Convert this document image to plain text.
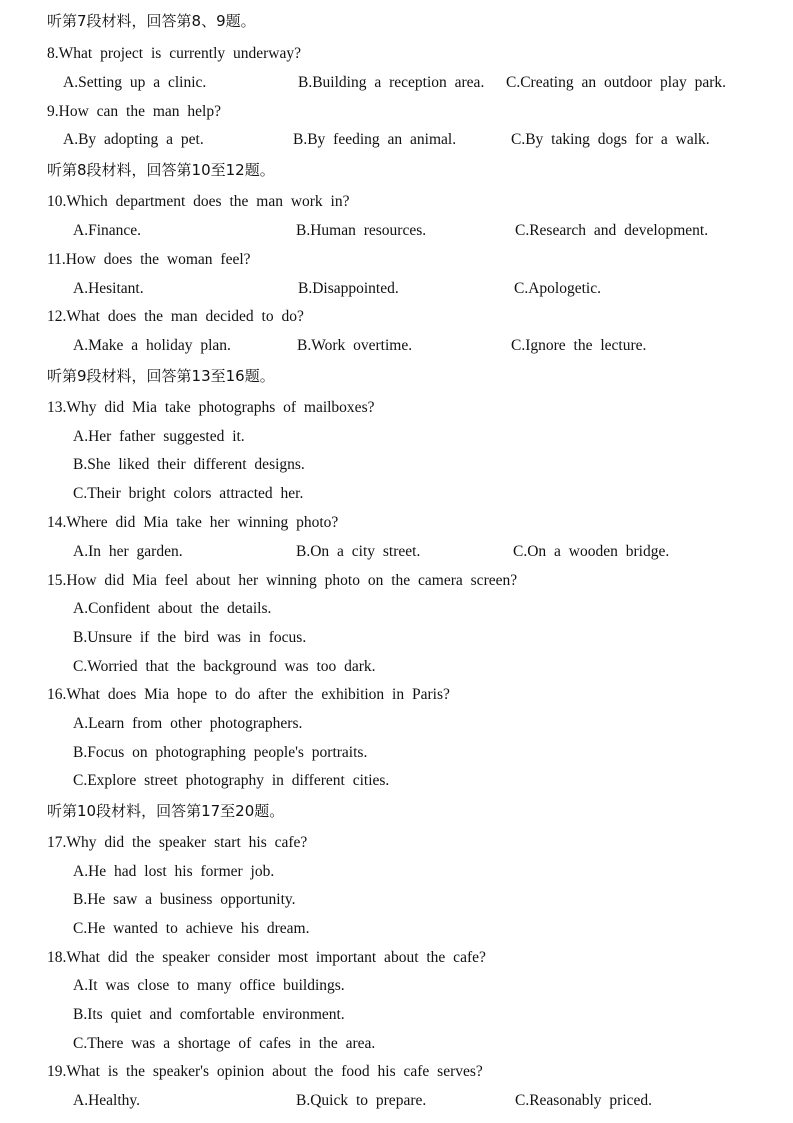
听第7段材料，回答第8、9题。
8.What project is currently underway?
A.Setting up a clinic.	B.Building a reception area. C.Creating an outdoor play park.
9.How can the man help?
A.By adopting a pet.	B.By feeding an animal.	C.By taking dogs for a walk.
听第8段材料，回答第10至12题。
10.Which department does the man work in?
A.Finance.	B.Human resources.	C.Research and development.
11.How does the woman feel?
A.Hesitant.	B.Disappointed.	C.Apologetic.
12.What does the man decided to do?
A.Make a holiday plan.	B.Work overtime.	C.Ignore the lecture.
听第9段材料，回答第13至16题。
13.Why did Mia take photographs of mailboxes?
A.Her father suggested it.
B.She liked their different designs.
C.Their bright colors attracted her.
14.Where did Mia take her winning photo?
A.In her garden.	B.On a city street.	C.On a wooden bridge.
15.How did Mia feel about her winning photo on the camera screen?
A.Confident about the details.
B.Unsure if the bird was in focus.
C.Worried that the background was too dark.
16.What does Mia hope to do after the exhibition in Paris?
A.Learn from other photographers.
B.Focus on photographing people's portraits.
C.Explore street photography in different cities.
听第10段材料，回答第17至20题。
17.Why did the speaker start his cafe?
A.He had lost his former job.
B.He saw a business opportunity.
C.He wanted to achieve his dream.
18.What did the speaker consider most important about the cafe?
A.It was close to many office buildings.
B.Its quiet and comfortable environment.
C.There was a shortage of cafes in the area.
19.What is the speaker's opinion about the food his cafe serves?
A.Healthy.	B.Quick to prepare.	C.Reasonably priced.
